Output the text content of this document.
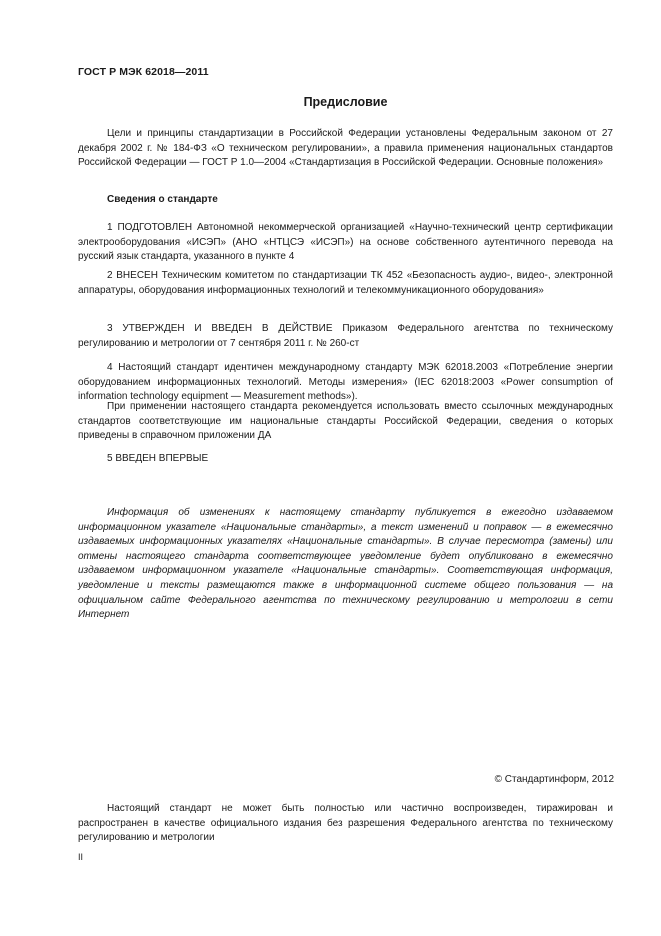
ГОСТ Р МЭК 62018—2011
Предисловие
Цели и принципы стандартизации в Российской Федерации установлены Федеральным законом от 27 декабря 2002 г. № 184-ФЗ «О техническом регулировании», а правила применения национальных стандартов Российской Федерации — ГОСТ Р 1.0—2004 «Стандартизация в Российской Федерации. Основные положения»
Сведения о стандарте
1 ПОДГОТОВЛЕН Автономной некоммерческой организацией «Научно-технический центр сертификации электрооборудования «ИСЭП» (АНО «НТЦСЭ «ИСЭП») на основе собственного аутентичного перевода на русский язык стандарта, указанного в пункте 4
2 ВНЕСЕН Техническим комитетом по стандартизации ТК 452 «Безопасность аудио-, видео-, электронной аппаратуры, оборудования информационных технологий и телекоммуникационного оборудования»
3 УТВЕРЖДЕН И ВВЕДЕН В ДЕЙСТВИЕ Приказом Федерального агентства по техническому регулированию и метрологии от 7 сентября 2011 г. № 260-ст
4 Настоящий стандарт идентичен международному стандарту МЭК 62018.2003 «Потребление энергии оборудованием информационных технологий. Методы измерения» (IEC 62018:2003 «Power consumption of information technology equipment — Measurement methods»).
При применении настоящего стандарта рекомендуется использовать вместо ссылочных международных стандартов соответствующие им национальные стандарты Российской Федерации, сведения о которых приведены в справочном приложении ДА
5 ВВЕДЕН ВПЕРВЫЕ
Информация об изменениях к настоящему стандарту публикуется в ежегодно издаваемом информационном указателе «Национальные стандарты», а текст изменений и поправок — в ежемесячно издаваемых информационных указателях «Национальные стандарты». В случае пересмотра (замены) или отмены настоящего стандарта соответствующее уведомление будет опубликовано в ежемесячно издаваемом информационном указателе «Национальные стандарты». Соответствующая информация, уведомление и тексты размещаются также в информационной системе общего пользования — на официальном сайте Федерального агентства по техническому регулированию и метрологии в сети Интернет
© Стандартинформ, 2012
Настоящий стандарт не может быть полностью или частично воспроизведен, тиражирован и распространен в качестве официального издания без разрешения Федерального агентства по техническому регулированию и метрологии
II
